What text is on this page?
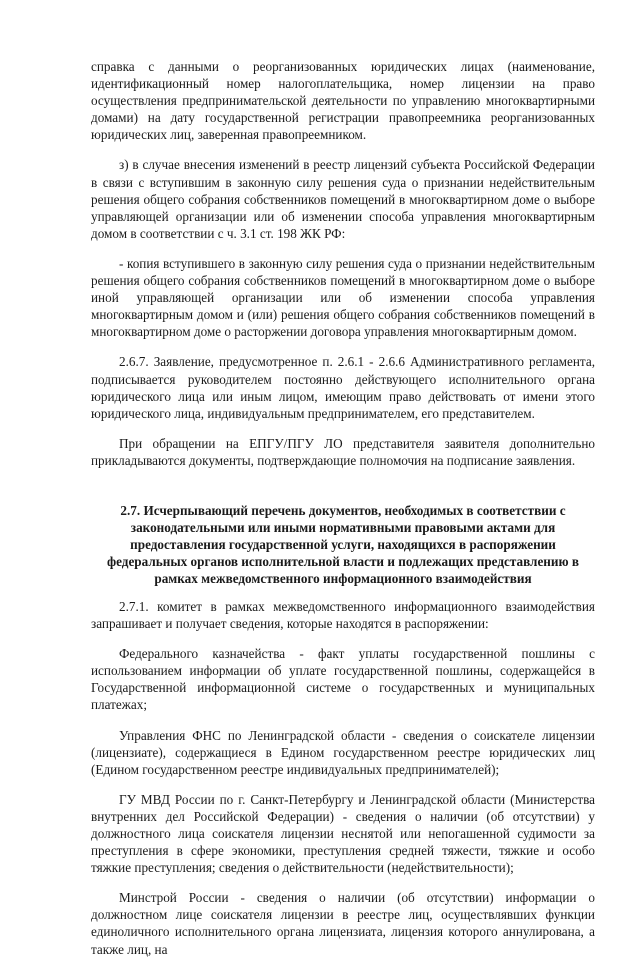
справка с данными о реорганизованных юридических лицах (наименование, идентификационный номер налогоплательщика, номер лицензии на право осуществления предпринимательской деятельности по управлению многоквартирными домами) на дату государственной регистрации правопреемника реорганизованных юридических лиц, заверенная правопреемником.

з) в случае внесения изменений в реестр лицензий субъекта Российской Федерации в связи с вступившим в законную силу решения суда о признании недействительным решения общего собрания собственников помещений в многоквартирном доме о выборе управляющей организации или об изменении способа управления многоквартирным домом в соответствии с ч. 3.1 ст. 198 ЖК РФ:

- копия вступившего в законную силу решения суда о признании недействительным решения общего собрания собственников помещений в многоквартирном доме о выборе иной управляющей организации или об изменении способа управления многоквартирным домом и (или) решения общего собрания собственников помещений в многоквартирном доме о расторжении договора управления многоквартирным домом.

2.6.7. Заявление, предусмотренное п. 2.6.1 - 2.6.6 Административного регламента, подписывается руководителем постоянно действующего исполнительного органа юридического лица или иным лицом, имеющим право действовать от имени этого юридического лица, индивидуальным предпринимателем, его представителем.

При обращении на ЕПГУ/ПГУ ЛО представителя заявителя дополнительно прикладываются документы, подтверждающие полномочия на подписание заявления.

2.7. Исчерпывающий перечень документов, необходимых в соответствии с законодательными или иными нормативными правовыми актами для предоставления государственной услуги, находящихся в распоряжении федеральных органов исполнительной власти и подлежащих представлению в рамках межведомственного информационного взаимодействия

2.7.1. комитет в рамках межведомственного информационного взаимодействия запрашивает и получает сведения, которые находятся в распоряжении:

Федерального казначейства - факт уплаты государственной пошлины с использованием информации об уплате государственной пошлины, содержащейся в Государственной информационной системе о государственных и муниципальных платежах;

Управления ФНС по Ленинградской области - сведения о соискателе лицензии (лицензиате), содержащиеся в Едином государственном реестре юридических лиц (Едином государственном реестре индивидуальных предпринимателей);

ГУ МВД России по г. Санкт-Петербургу и Ленинградской области (Министерства внутренних дел Российской Федерации) - сведения о наличии (об отсутствии) у должностного лица соискателя лицензии неснятой или непогашенной судимости за преступления в сфере экономики, преступления средней тяжести, тяжкие и особо тяжкие преступления; сведения о действительности (недействительности);

Минстрой России - сведения о наличии (об отсутствии) информации о должностном лице соискателя лицензии в реестре лиц, осуществлявших функции единоличного исполнительного органа лицензиата, лицензия которого аннулирована, а также лиц, на
